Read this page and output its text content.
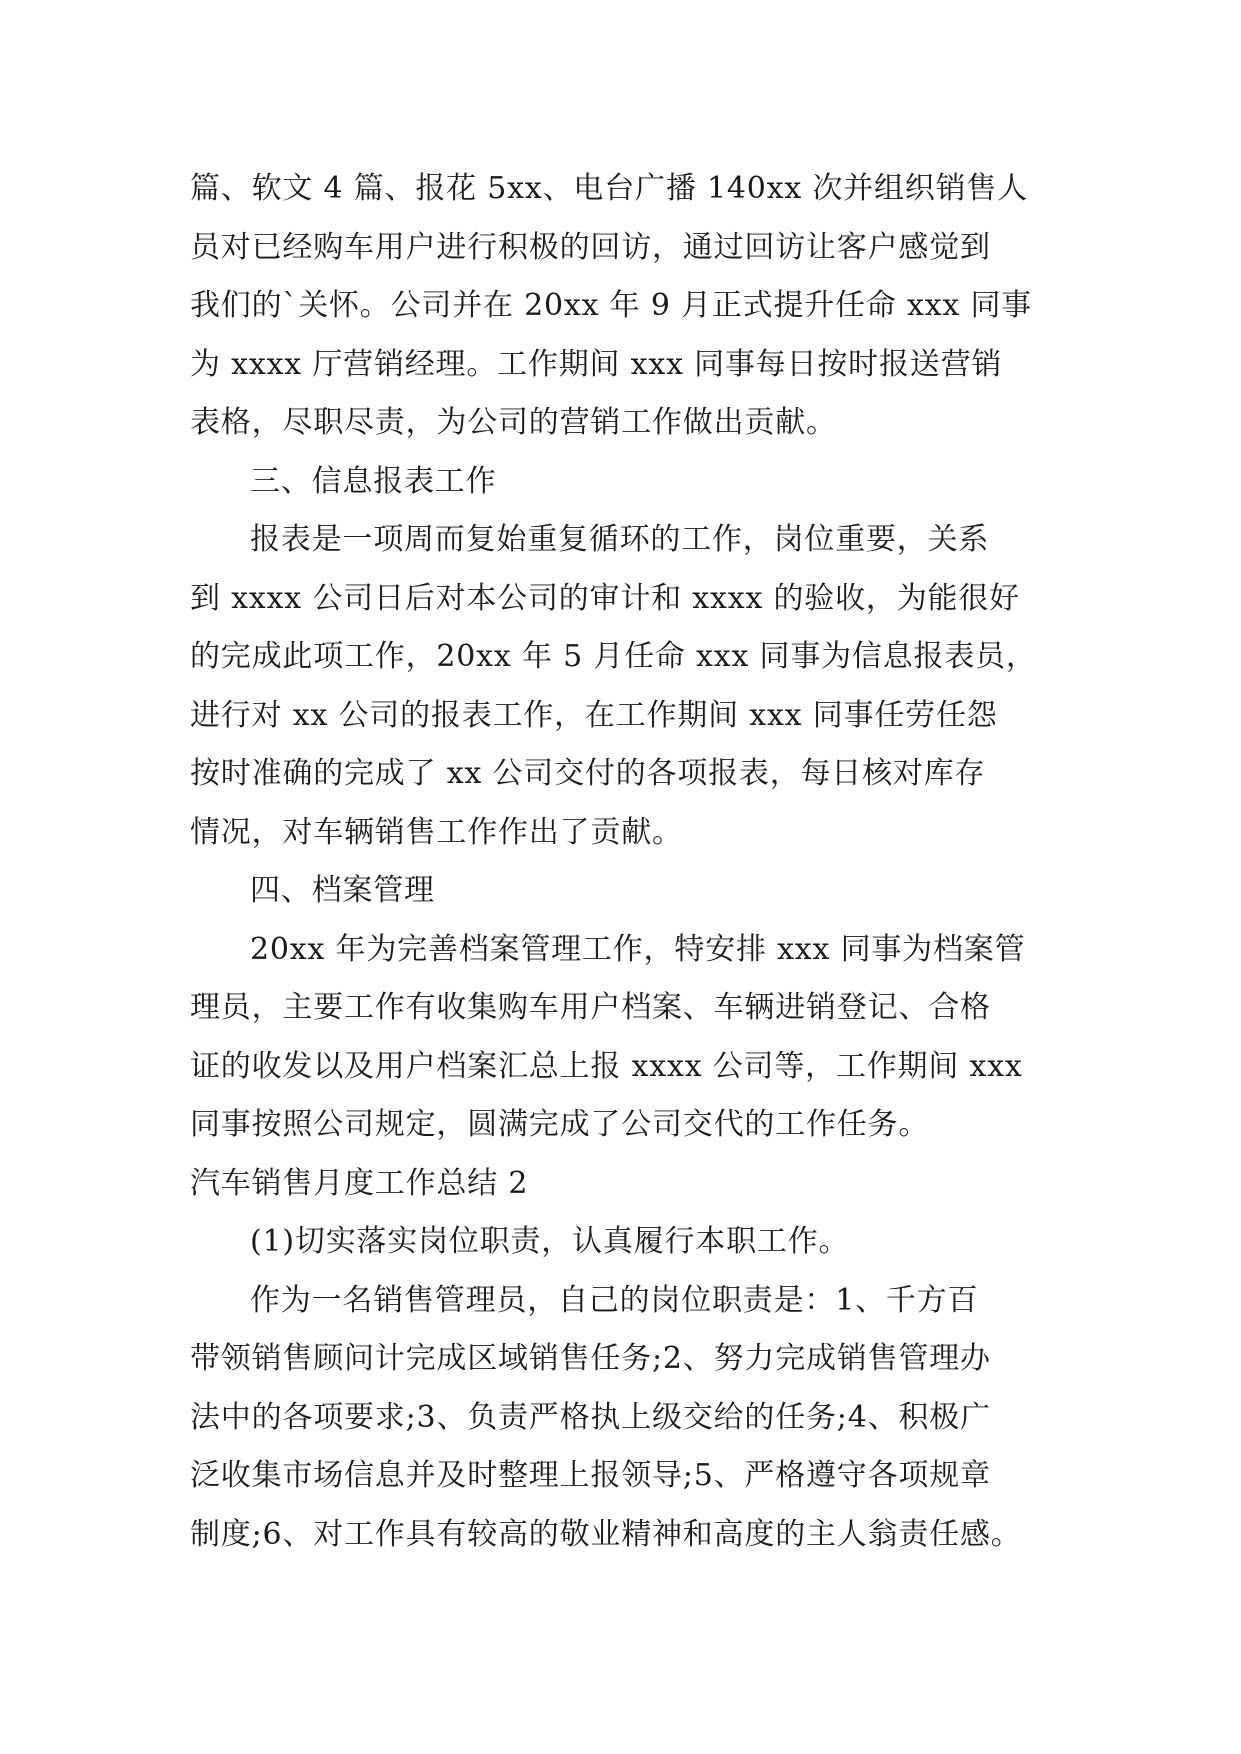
篇、软文 4 篇、报花 5xx、电台广播 140xx 次并组织销售人
员对已经购车用户进行积极的回访，通过回访让客户感觉到
我们的`关怀。公司并在 20xx 年 9 月正式提升任命 xxx 同事
为 xxxx 厅营销经理。工作期间 xxx 同事每日按时报送营销
表格，尽职尽责，为公司的营销工作做出贡献。
三、信息报表工作
报表是一项周而复始重复循环的工作，岗位重要，关系
到 xxxx 公司日后对本公司的审计和 xxxx 的验收，为能很好
的完成此项工作，20xx 年 5 月任命 xxx 同事为信息报表员，
进行对 xx 公司的报表工作，在工作期间 xxx 同事任劳任怨
按时准确的完成了 xx 公司交付的各项报表，每日核对库存
情况，对车辆销售工作作出了贡献。
四、档案管理
20xx 年为完善档案管理工作，特安排 xxx 同事为档案管
理员，主要工作有收集购车用户档案、车辆进销登记、合格
证的收发以及用户档案汇总上报 xxxx 公司等，工作期间 xxx
同事按照公司规定，圆满完成了公司交代的工作任务。
汽车销售月度工作总结 2
(1)切实落实岗位职责，认真履行本职工作。
作为一名销售管理员，自己的岗位职责是：1、千方百
带领销售顾问计完成区域销售任务;2、努力完成销售管理办
法中的各项要求;3、负责严格执上级交给的任务;4、积极广
泛收集市场信息并及时整理上报领导;5、严格遵守各项规章
制度;6、对工作具有较高的敬业精神和高度的主人翁责任感。
